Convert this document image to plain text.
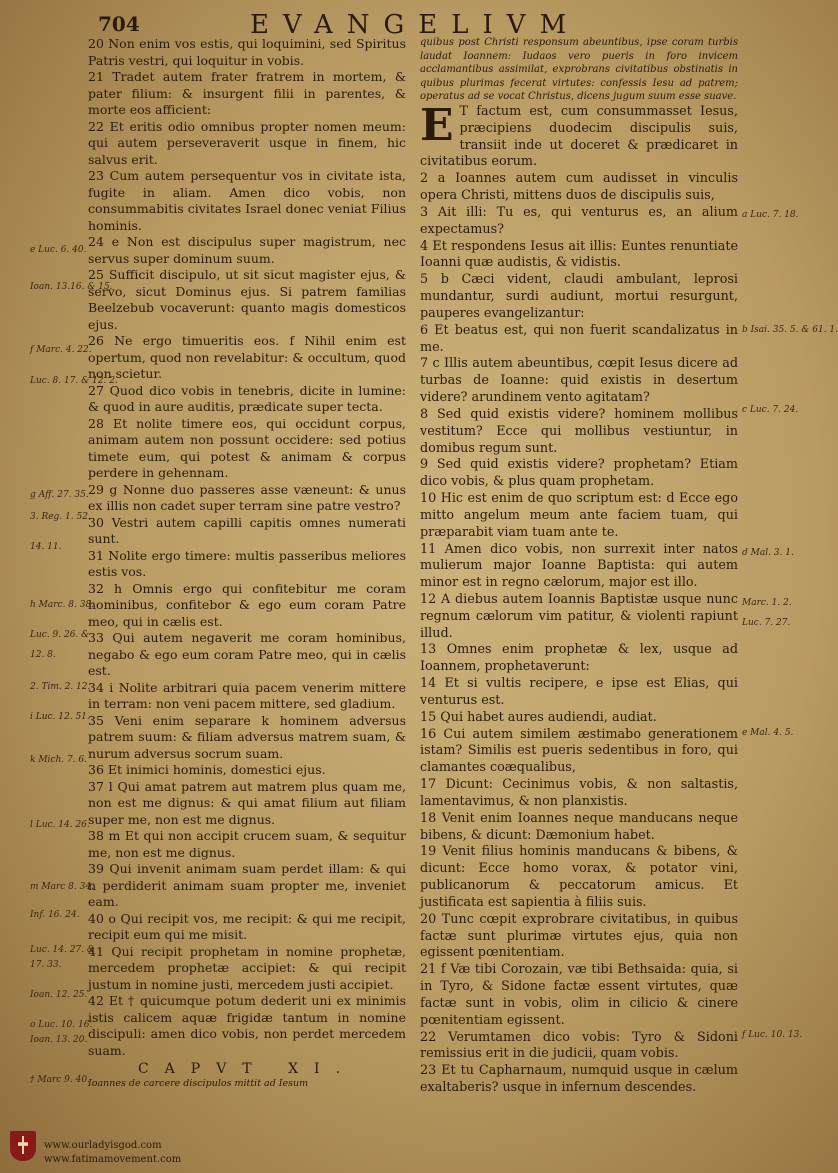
704	EVANGELIVM

20 Non enim vos estis, qui loquimini, sed Spiritus Patris vestri, qui loquitur in vobis.

21 Tradet autem frater fratrem in mortem, & pater filium: & insurgent filii in parentes, & morte eos afficient:

22 Et eritis odio omnibus propter nomen meum: qui autem perseveraverit usque in finem, hic salvus erit.

23 Cum autem persequentur vos in civitate ista, fugite in aliam. Amen dico vobis, non consummabitis civitates Israel donec veniat Filius hominis.

24 e Non est discipulus super magistrum, nec servus super dominum suum.

25 Sufficit discipulo, ut sit sicut magister ejus, & servo, sicut Dominus ejus. Si patrem familias Beelzebub vocaverunt: quanto magis domesticos ejus.

26 Ne ergo timueritis eos. f Nihil enim est opertum, quod non revelabitur: & occultum, quod non scietur.

27 Quod dico vobis in tenebris, dicite in lumine: & quod in aure auditis, prædicate super tecta.

28 Et nolite timere eos, qui occidunt corpus, animam autem non possunt occidere: sed potius timete eum, qui potest & animam & corpus perdere in gehennam.

29 g Nonne duo passeres asse væneunt: & unus ex illis non cadet super terram sine patre vestro?

30 Vestri autem capilli capitis omnes numerati sunt.

31 Nolite ergo timere: multis passeribus meliores estis vos.

32 h Omnis ergo qui confitebitur me coram hominibus, confitebor & ego eum coram Patre meo, qui in cælis est.

33 Qui autem negaverit me coram hominibus, negabo & ego eum coram Patre meo, qui in cælis est.

34 i Nolite arbitrari quia pacem venerim mittere in terram: non veni pacem mittere, sed gladium.

35 Veni enim separare k hominem adversus patrem suum: & filiam adversus matrem suam, & nurum adversus socrum suam.

36 Et inimici hominis, domestici ejus.

37 l Qui amat patrem aut matrem plus quam me, non est me dignus: & qui amat filium aut filiam super me, non est me dignus.

38 m Et qui non accipit crucem suam, & sequitur me, non est me dignus.

39 Qui invenit animam suam perdet illam: & qui n perdiderit animam suam propter me, inveniet eam.

40 o Qui recipit vos, me recipit: & qui me recipit, recipit eum qui me misit.

41 Qui recipit prophetam in nomine prophetæ, mercedem prophetæ accipiet: & qui recipit justum in nomine justi, mercedem justi accipiet.

42 Et † quicumque potum dederit uni ex minimis istis calicem aquæ frigidæ tantum in nomine discipuli: amen dico vobis, non perdet mercedem suam.

CAPVT XI.
Ioannes de carcere discipulos mittit ad Iesum

quibus post Christi responsum abeuntibus, ipse coram turbis laudat Ioannem: Iudaos vero pueris in foro invicem acclamantibus assimilat, exprobrans civitatibus obstinatis in quibus plurimas fecerat virtutes: confessis Iesu ad patrem; operatus ad se vocat Christus, dicens jugum suum esse suave.

E T factum est, cum consummasset Iesus, præcipiens duodecim discipulis suis, transiit inde ut doceret & prædicaret in civitatibus eorum.

2 a Ioannes autem cum audisset in vinculis opera Christi, mittens duos de discipulis suis,

3 Ait illi: Tu es, qui venturus es, an alium expectamus?

4 Et respondens Iesus ait illis: Euntes renuntiate Ioanni quæ audistis, & vidistis.

5 b Cæci vident, claudi ambulant, leprosi mundantur, surdi audiunt, mortui resurgunt, pauperes evangelizantur:

6 Et beatus est, qui non fuerit scandalizatus in me.

7 c Illis autem abeuntibus, cœpit Iesus dicere ad turbas de Ioanne: quid existis in desertum videre? arundinem vento agitatam?

8 Sed quid existis videre? hominem mollibus vestitum? Ecce qui mollibus vestiuntur, in domibus regum sunt.

9 Sed quid existis videre? prophetam? Etiam dico vobis, & plus quam prophetam.

10 Hic est enim de quo scriptum est: d Ecce ego mitto angelum meum ante faciem tuam, qui præparabit viam tuam ante te.

11 Amen dico vobis, non surrexit inter natos mulierum major Ioanne Baptista: qui autem minor est in regno cælorum, major est illo.

12 A diebus autem Ioannis Baptistæ usque nunc regnum cælorum vim patitur, & violenti rapiunt illud.

13 Omnes enim prophetæ & lex, usque ad Ioannem, prophetaverunt:

14 Et si vultis recipere, e ipse est Elias, qui venturus est.

15 Qui habet aures audiendi, audiat.

16 Cui autem similem æstimabo generationem istam? Similis est pueris sedentibus in foro, qui clamantes coæqualibus,

17 Dicunt: Cecinimus vobis, & non saltastis, lamentavimus, & non planxistis.

18 Venit enim Ioannes neque manducans neque bibens, & dicunt: Dæmonium habet.

19 Venit filius hominis manducans & bibens, & dicunt: Ecce homo vorax, & potator vini, publicanorum & peccatorum amicus. Et justificata est sapientia à filiis suis.

20 Tunc cœpit exprobrare civitatibus, in quibus factæ sunt plurimæ virtutes ejus, quia non egissent pœnitentiam.

21 f Væ tibi Corozain, væ tibi Bethsaida: quia, si in Tyro, & Sidone factæ essent virtutes, quæ factæ sunt in vobis, olim in cilicio & cinere pœnitentiam egissent.

22 Verumtamen dico vobis: Tyro & Sidoni remissius erit in die judicii, quam vobis.

23 Et tu Capharnaum, numquid usque in cælum exaltaberis? usque in infernum descendes.

e Luc. 6. 40.
Ioan. 13.16. & 15.
f Marc. 4. 22.
Luc. 8. 17. & 12. 2.
g Aff. 27. 35.
3. Reg. 1. 52.
14. 11.
h Marc. 8. 38.
Luc. 9. 26. &
12. 8.
2. Tim. 2. 12.
i Luc. 12. 51.
k Mich. 7. 6.
l Luc. 14. 26.
m Marc 8. 34.
Inf. 16. 24.
Luc. 14. 27. &
17. 33.
Ioan. 12. 25.
o Luc. 10. 16.
Ioan. 13. 20.
† Marc 9. 40.
a Luc. 7. 18.
b Isai. 35. 5. & 61. 1.
c Luc. 7. 24.
d Mal. 3. 1.
Marc. 1. 2.
Luc. 7. 27.
e Mal. 4. 5.
f Luc. 10. 13.
www.ourladyisgod.com
www.fatimamovement.com
